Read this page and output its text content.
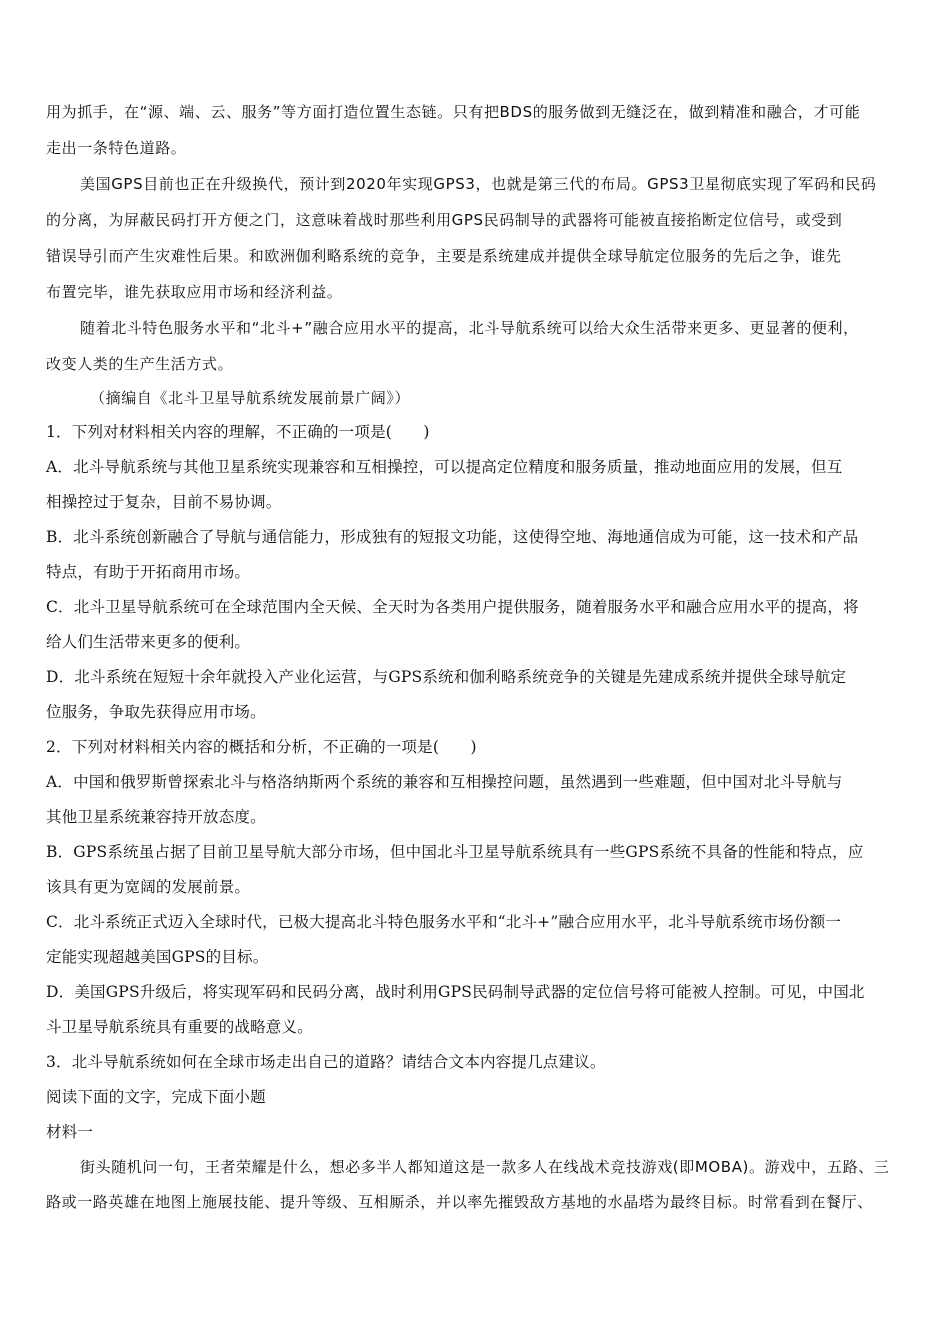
用为抓手，在“源、端、云、服务”等方面打造位置生态链。只有把BDS的服务做到无缝泛在，做到精准和融合，才可能
走出一条特色道路。
美国GPS目前也正在升级换代，预计到2020年实现GPS3，也就是第三代的布局。GPS3卫星彻底实现了军码和民码
的分离，为屏蔽民码打开方便之门，这意味着战时那些利用GPS民码制导的武器将可能被直接掐断定位信号，或受到
错误导引而产生灾难性后果。和欧洲伽利略系统的竞争，主要是系统建成并提供全球导航定位服务的先后之争，谁先
布置完毕，谁先获取应用市场和经济利益。
随着北斗特色服务水平和“北斗+”融合应用水平的提高，北斗导航系统可以给大众生活带来更多、更显著的便利，
改变人类的生产生活方式。
（摘编自《北斗卫星导航系统发展前景广阔》）
1．下列对材料相关内容的理解，不正确的一项是(　　)
A．北斗导航系统与其他卫星系统实现兼容和互相操控，可以提高定位精度和服务质量，推动地面应用的发展，但互
相操控过于复杂，目前不易协调。
B．北斗系统创新融合了导航与通信能力，形成独有的短报文功能，这使得空地、海地通信成为可能，这一技术和产品
特点，有助于开拓商用市场。
C．北斗卫星导航系统可在全球范围内全天候、全天时为各类用户提供服务，随着服务水平和融合应用水平的提高，将
给人们生活带来更多的便利。
D．北斗系统在短短十余年就投入产业化运营，与GPS系统和伽利略系统竞争的关键是先建成系统并提供全球导航定
位服务，争取先获得应用市场。
2．下列对材料相关内容的概括和分析，不正确的一项是(　　)
A．中国和俄罗斯曾探索北斗与格洛纳斯两个系统的兼容和互相操控问题，虽然遇到一些难题，但中国对北斗导航与
其他卫星系统兼容持开放态度。
B．GPS系统虽占据了目前卫星导航大部分市场，但中国北斗卫星导航系统具有一些GPS系统不具备的性能和特点，应
该具有更为宽阔的发展前景。
C．北斗系统正式迈入全球时代，已极大提高北斗特色服务水平和“北斗+”融合应用水平，北斗导航系统市场份额一
定能实现超越美国GPS的目标。
D．美国GPS升级后，将实现军码和民码分离，战时利用GPS民码制导武器的定位信号将可能被人控制。可见，中国北
斗卫星导航系统具有重要的战略意义。
3．北斗导航系统如何在全球市场走出自己的道路？请结合文本内容提几点建议。
阅读下面的文字，完成下面小题
材料一
街头随机问一句，王者荣耀是什么，想必多半人都知道这是一款多人在线战术竞技游戏(即MOBA)。游戏中，五路、三
路或一路英雄在地图上施展技能、提升等级、互相厮杀，并以率先摧毁敌方基地的水晶塔为最终目标。时常看到在餐厅、
